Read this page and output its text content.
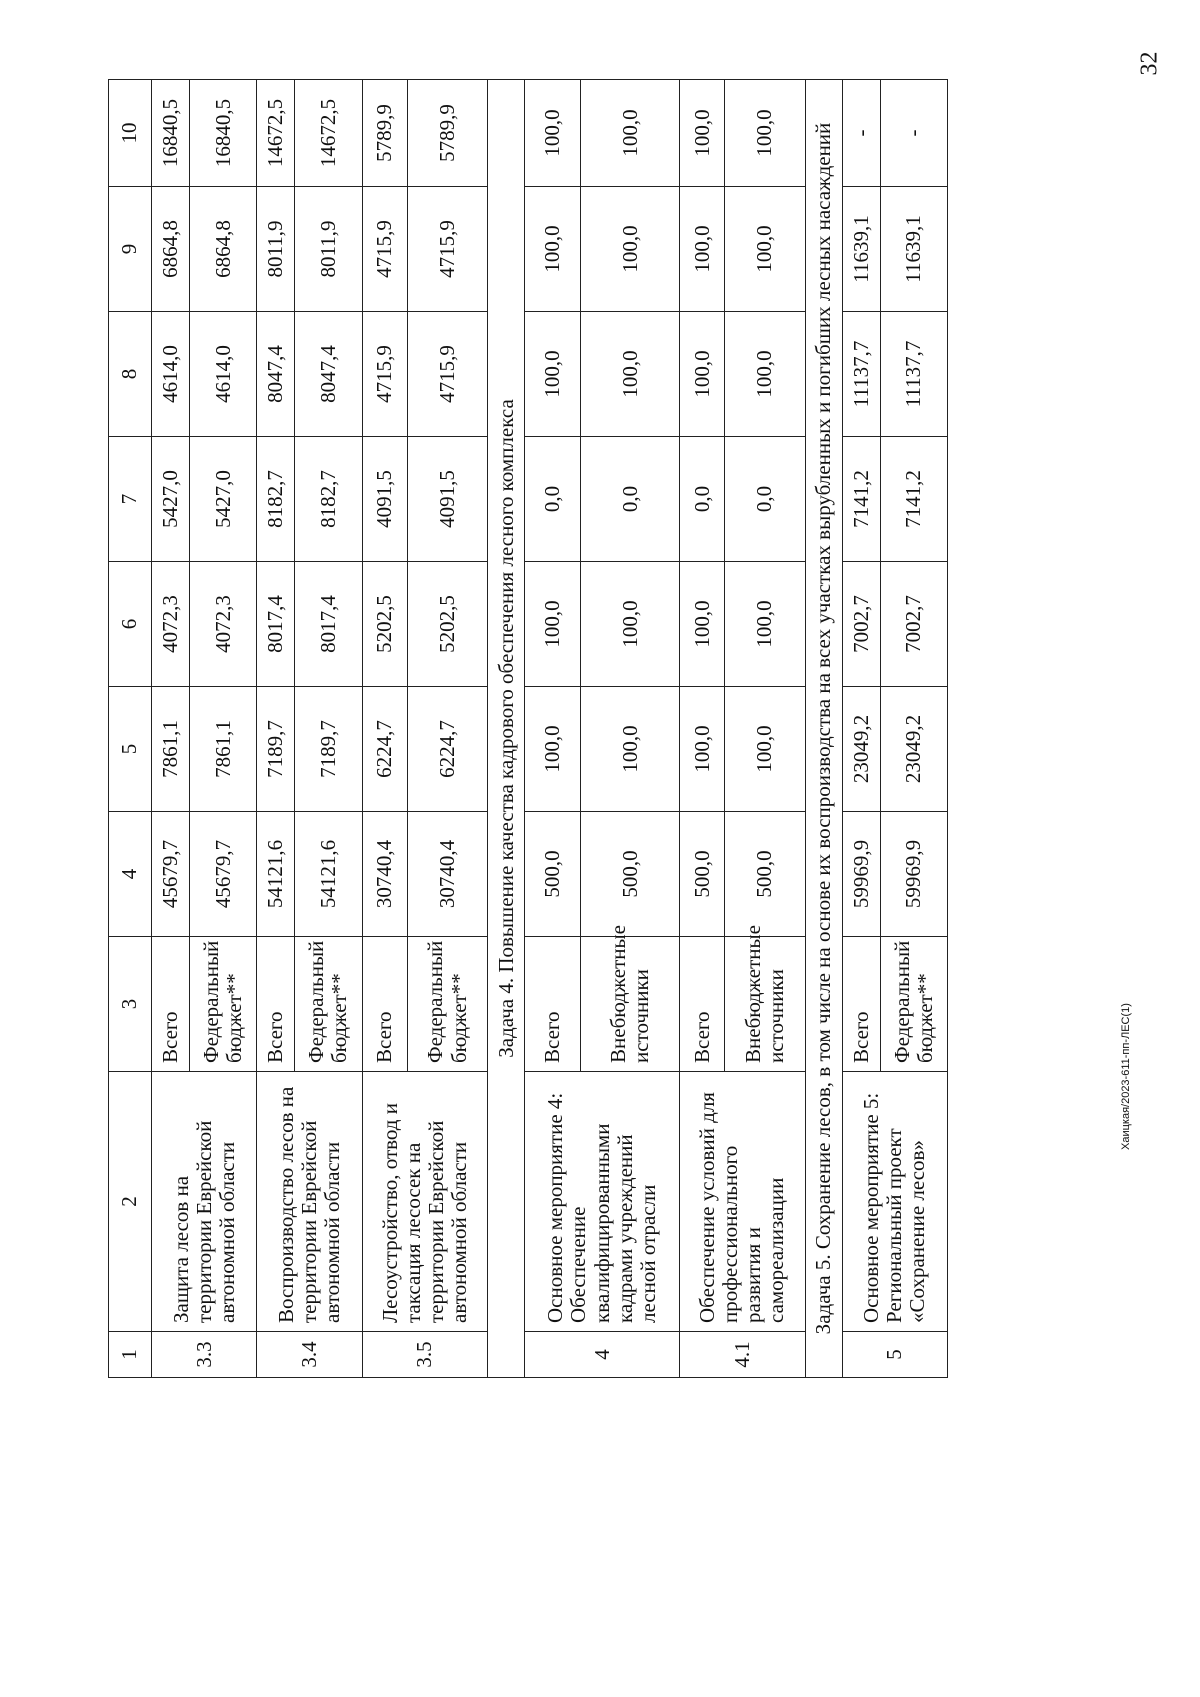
32
Хаицкая/2023-611-пп-ЛЕС(1)
1	2	3	4	5	6	7	8	9	10
3.3	Защита лесов на территории Еврейской автономной области	Всего	45679,7	7861,1	4072,3	5427,0	4614,0	6864,8	16840,5
		Федеральный бюджет**	45679,7	7861,1	4072,3	5427,0	4614,0	6864,8	16840,5
3.4	Воспроизводство лесов на территории Еврейской автономной области	Всего	54121,6	7189,7	8017,4	8182,7	8047,4	8011,9	14672,5
		Федеральный бюджет**	54121,6	7189,7	8017,4	8182,7	8047,4	8011,9	14672,5
3.5	Лесоустройство, отвод и таксация лесосек на территории Еврейской автономной области	Всего	30740,4	6224,7	5202,5	4091,5	4715,9	4715,9	5789,9
		Федеральный бюджет**	30740,4	6224,7	5202,5	4091,5	4715,9	4715,9	5789,9
Задача 4. Повышение качества кадрового обеспечения лесного комплекса									
4	Основное мероприятие 4: Обеспечение квалифицированными кадрами учреждений лесной отрасли	Всего	500,0	100,0	100,0	0,0	100,0	100,0	100,0
		Внебюджетные источники	500,0	100,0	100,0	0,0	100,0	100,0	100,0
4.1	Обеспечение условий для профессионального развития и самореализации	Всего	500,0	100,0	100,0	0,0	100,0	100,0	100,0
		Внебюджетные источники	500,0	100,0	100,0	0,0	100,0	100,0	100,0
Задача 5. Сохранение лесов, в том числе на основе их воспроизводства на всех участках вырубленных и погибших лесных насаждений									
5	Основное мероприятие 5: Региональный проект «Сохранение лесов»	Всего	59969,9	23049,2	7002,7	7141,2	11137,7	11639,1	-
		Федеральный бюджет**	59969,9	23049,2	7002,7	7141,2	11137,7	11639,1	-
